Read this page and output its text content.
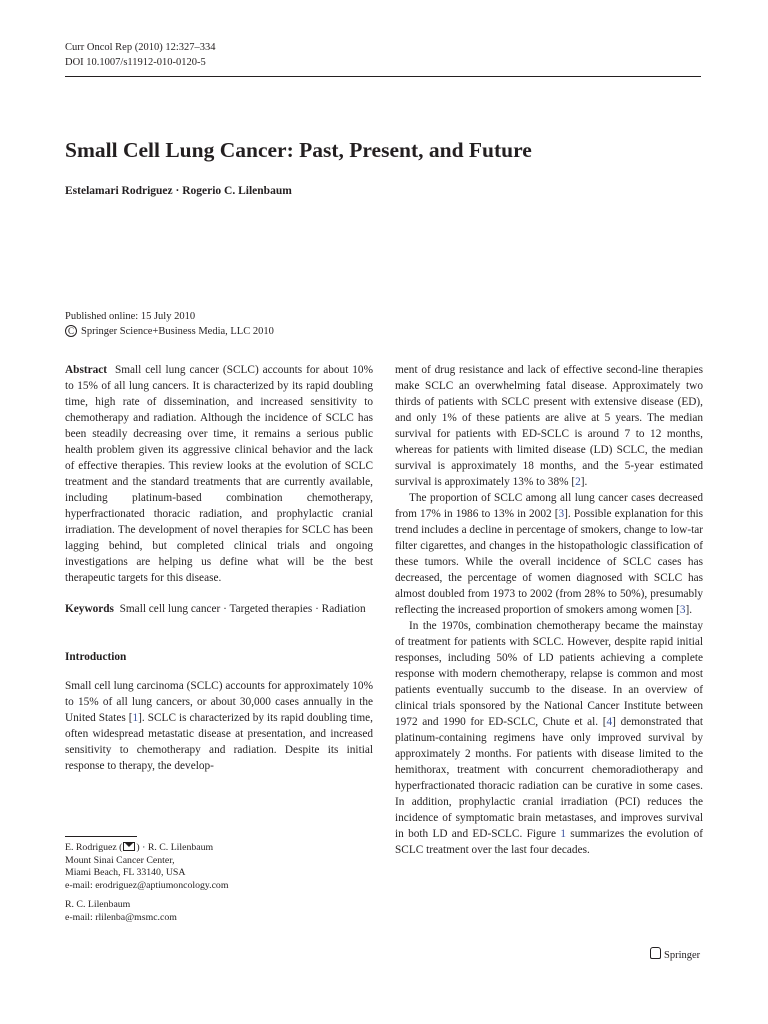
Curr Oncol Rep (2010) 12:327–334
DOI 10.1007/s11912-010-0120-5
Small Cell Lung Cancer: Past, Present, and Future
Estelamari Rodriguez · Rogerio C. Lilenbaum
Published online: 15 July 2010
C Springer Science+Business Media, LLC 2010

Abstract Small cell lung cancer (SCLC) accounts for about 10% to 15% of all lung cancers. It is characterized by its rapid doubling time, high rate of dissemination, and increased sensitivity to chemotherapy and radiation. Although the incidence of SCLC has been steadily decreasing over time, it remains a serious public health problem given its aggressive clinical behavior and the lack of effective therapies. This review looks at the evolution of SCLC treatment and the standard treatments that are currently available, including platinum-based combination chemotherapy, hyperfractionated thoracic radiation, and prophylactic cranial irradiation. The development of novel therapies for SCLC has been lagging behind, but completed clinical trials and ongoing investigations are helping us define what will be the best therapeutic targets for this disease.

Keywords Small cell lung cancer · Targeted therapies · Radiation

Introduction

Small cell lung carcinoma (SCLC) accounts for approximately 10% to 15% of all lung cancers, or about 30,000 cases annually in the United States [1]. SCLC is characterized by its rapid doubling time, often widespread metastatic disease at presentation, and increased sensitivity to chemotherapy and radiation. Despite its initial response to therapy, the develop-

ment of drug resistance and lack of effective second-line therapies make SCLC an overwhelming fatal disease. Approximately two thirds of patients with SCLC present with extensive disease (ED), and only 1% of these patients are alive at 5 years. The median survival for patients with ED-SCLC is around 7 to 12 months, whereas for patients with limited disease (LD) SCLC, the median survival is approximately 18 months, and the 5-year estimated survival is approximately 13% to 38% [2].

The proportion of SCLC among all lung cancer cases decreased from 17% in 1986 to 13% in 2002 [3]. Possible explanation for this trend includes a decline in percentage of smokers, change to low-tar filter cigarettes, and changes in the histopathologic classification of these tumors. While the overall incidence of SCLC cases has decreased, the percentage of women diagnosed with SCLC has almost doubled from 1973 to 2002 (from 28% to 50%), presumably reflecting the increased proportion of smokers among women [3].

In the 1970s, combination chemotherapy became the mainstay of treatment for patients with SCLC. However, despite rapid initial responses, including 50% of LD patients achieving a complete response with modern chemotherapy, relapse is common and most patients eventually succumb to the disease. In an overview of clinical trials sponsored by the National Cancer Institute between 1972 and 1990 for ED-SCLC, Chute et al. [4] demonstrated that platinum-containing regimens have only improved survival by approximately 2 months. For patients with disease limited to the hemithorax, treatment with concurrent chemoradiotherapy and hyperfractionated thoracic radiation can be curative in some cases. In addition, prophylactic cranial irradiation (PCI) reduces the incidence of symptomatic brain metastases, and improves survival in both LD and ED-SCLC. Figure 1 summarizes the evolution of SCLC treatment over the last four decades.

E. Rodriguez ( ) · R. C. Lilenbaum
Mount Sinai Cancer Center,
Miami Beach, FL 33140, USA
e-mail: erodriguez@aptiumoncology.com
R. C. Lilenbaum
e-mail: rlilenba@msmc.com
Springer
